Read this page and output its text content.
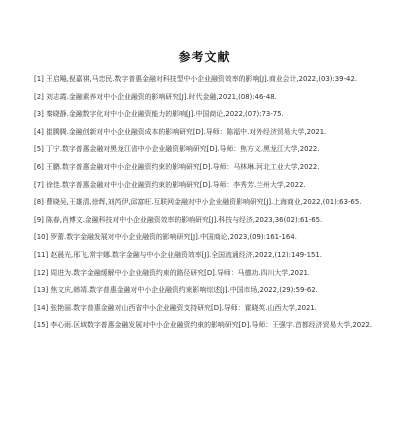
参考文献
[1] 王启飚,倪嘉祺,马忠民.数字普惠金融对科技型中小企业融资效率的影响[J].商业会计,2022,(03):39-42.
[2] 刘志霞.金融素养对中小企业融资的影响研究[J].时代金融,2021,(08):46-48.
[3] 秦晓静.金融数字化对中小企业融资能力的影响[J].中国商论,2022,(07):73-75.
[4] 崔腾腾.金融创新对中小企业融资成本的影响研究[D].导师：陈福中.对外经济贸易大学,2021.
[5] 丁宁.数字普惠金融对黑龙江省中小企业融资影响研究[D].导师：焦方义.黑龙江大学,2022.
[6] 王鹏.数字普惠金融对中小企业融资约束的影响研究[D].导师：马林琳.河北工业大学,2022.
[7] 徐佳.数字普惠金融对中小企业融资约束的影响研究[D].导师：李秀芳.兰州大学,2022.
[8] 曹晓吴,王雄清,徐辉,刘芮伊,邱富旺.互联网金融对中小企业融资影响研究[J].上海商业,2022,(01):63-65.
[9] 陈春,肖博文.金融科技对中小企业融资效率的影响研究[J].科技与经济,2023,36(02):61-65.
[10] 罗蕾.数字金融发展对中小企业融资的影响研究[J].中国商论,2023,(09):161-164.
[11] 赵晨光,邢飞,常宇娜.数字金融与中小企业融资效率[J].全国流通经济,2022,(12):149-151.
[12] 周进为.数字金融缓解中小企业融资约束的路径研究[D].导师：马德功.四川大学,2021.
[13] 焦文庆,韩靖.数字普惠金融对中小企业融资约束影响综述[J].中国市场,2022,(29):59-62.
[14] 张艳丽.数字普惠金融对山西省中小企业融资支持研究[D].导师：霍晓英.山西大学,2021.
[15] 李心雨.区域数字普惠金融发展对中小企业融资约束的影响研究[D].导师：王强宇.首都经济贸易大学,2022.
